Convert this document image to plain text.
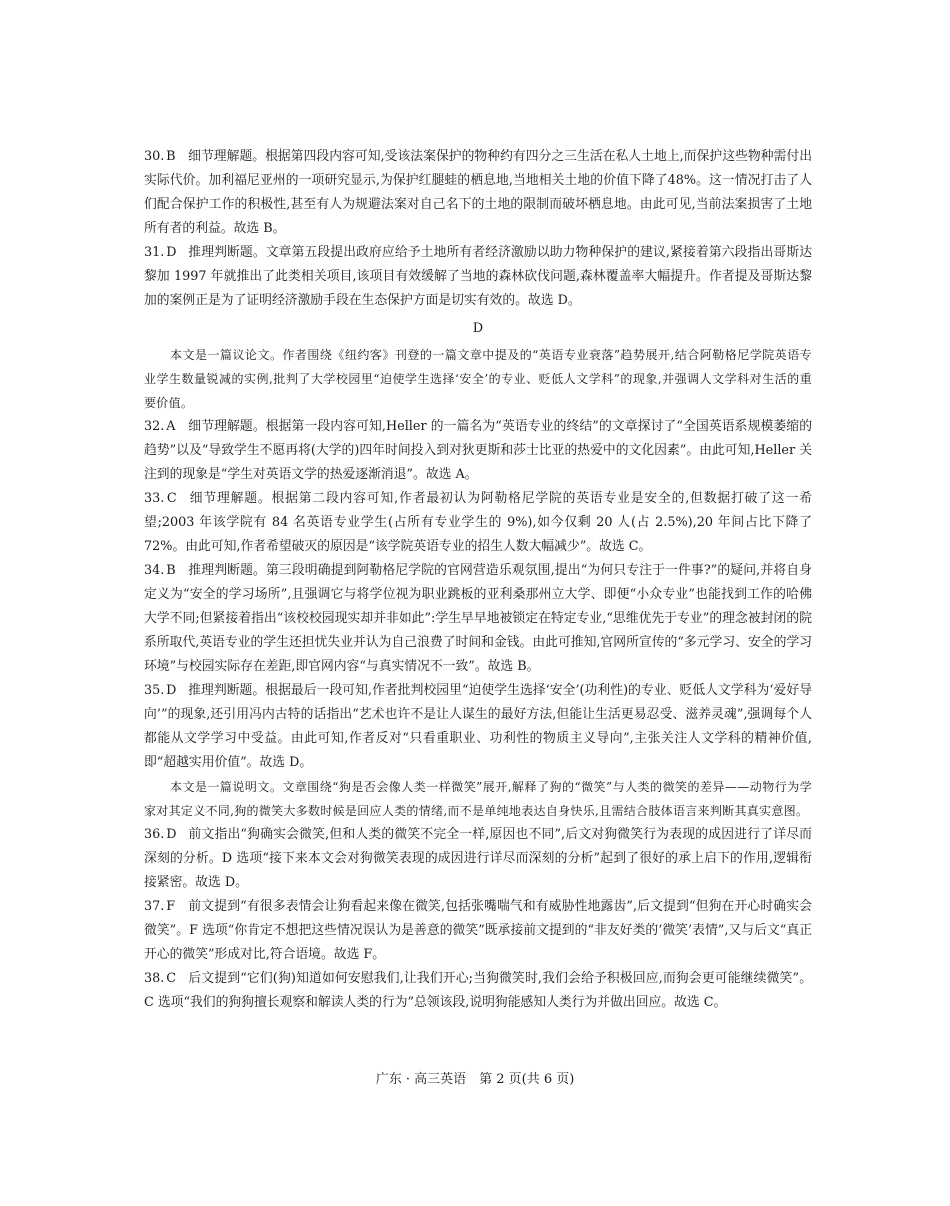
30. B 细节理解题。根据第四段内容可知,受该法案保护的物种约有四分之三生活在私人土地上,而保护这些物种需付出实际代价。加利福尼亚州的一项研究显示,为保护红腿蛙的栖息地,当地相关土地的价值下降了48%。这一情况打击了人们配合保护工作的积极性,甚至有人为规避法案对自己名下的土地的限制而破坏栖息地。由此可见,当前法案损害了土地所有者的利益。故选 B。

31. D 推理判断题。文章第五段提出政府应给予土地所有者经济激励以助力物种保护的建议,紧接着第六段指出哥斯达黎加 1997 年就推出了此类相关项目,该项目有效缓解了当地的森林砍伐问题,森林覆盖率大幅提升。作者提及哥斯达黎加的案例正是为了证明经济激励手段在生态保护方面是切实有效的。故选 D。

D

本文是一篇议论文。作者围绕《纽约客》刊登的一篇文章中提及的“英语专业衰落”趋势展开,结合阿勒格尼学院英语专业学生数量锐减的实例,批判了大学校园里“迫使学生选择‘安全’的专业、贬低人文学科”的现象,并强调人文学科对生活的重要价值。

32. A 细节理解题。根据第一段内容可知,Heller 的一篇名为“英语专业的终结”的文章探讨了“全国英语系规模萎缩的趋势”以及“导致学生不愿再将(大学的)四年时间投入到对狄更斯和莎士比亚的热爱中的文化因素”。由此可知,Heller 关注到的现象是“学生对英语文学的热爱逐渐消退”。故选 A。

33. C 细节理解题。根据第二段内容可知,作者最初认为阿勒格尼学院的英语专业是安全的,但数据打破了这一希望;2003 年该学院有 84 名英语专业学生(占所有专业学生的 9%),如今仅剩 20 人(占 2.5%),20 年间占比下降了 72%。由此可知,作者希望破灭的原因是“该学院英语专业的招生人数大幅减少”。故选 C。

34. B 推理判断题。第三段明确提到阿勒格尼学院的官网营造乐观氛围,提出“为何只专注于一件事?”的疑问,并将自身定义为“安全的学习场所”,且强调它与将学位视为职业跳板的亚利桑那州立大学、即便“小众专业”也能找到工作的哈佛大学不同;但紧接着指出“该校校园现实却并非如此”:学生早早地被锁定在特定专业,“思维优先于专业”的理念被封闭的院系所取代,英语专业的学生还担忧失业并认为自己浪费了时间和金钱。由此可推知,官网所宣传的“多元学习、安全的学习环境”与校园实际存在差距,即官网内容“与真实情况不一致”。故选 B。

35. D 推理判断题。根据最后一段可知,作者批判校园里“迫使学生选择‘安全’(功利性)的专业、贬低人文学科为‘爱好导向’”的现象,还引用冯内古特的话指出“艺术也许不是让人谋生的最好方法,但能让生活更易忍受、滋养灵魂”,强调每个人都能从文学学习中受益。由此可知,作者反对“只看重职业、功利性的物质主义导向”,主张关注人文学科的精神价值,即“超越实用价值”。故选 D。

本文是一篇说明文。文章围绕“狗是否会像人类一样微笑”展开,解释了狗的“微笑”与人类的微笑的差异——动物行为学家对其定义不同,狗的微笑大多数时候是回应人类的情绪,而不是单纯地表达自身快乐,且需结合肢体语言来判断其真实意图。

36. D 前文指出“狗确实会微笑,但和人类的微笑不完全一样,原因也不同”,后文对狗微笑行为表现的成因进行了详尽而深刻的分析。D 选项“接下来本文会对狗微笑表现的成因进行详尽而深刻的分析”起到了很好的承上启下的作用,逻辑衔接紧密。故选 D。

37. F 前文提到“有很多表情会让狗看起来像在微笑,包括张嘴喘气和有威胁性地露齿”,后文提到“但狗在开心时确实会微笑”。F 选项“你肯定不想把这些情况误认为是善意的微笑”既承接前文提到的“非友好类的‘微笑’表情”,又与后文“真正开心的微笑”形成对比,符合语境。故选 F。

38. C 后文提到“它们(狗)知道如何安慰我们,让我们开心;当狗微笑时,我们会给予积极回应,而狗会更可能继续微笑”。C 选项“我们的狗狗擅长观察和解读人类的行为”总领该段,说明狗能感知人类行为并做出回应。故选 C。

广东 · 高三英语　第 2 页(共 6 页)
